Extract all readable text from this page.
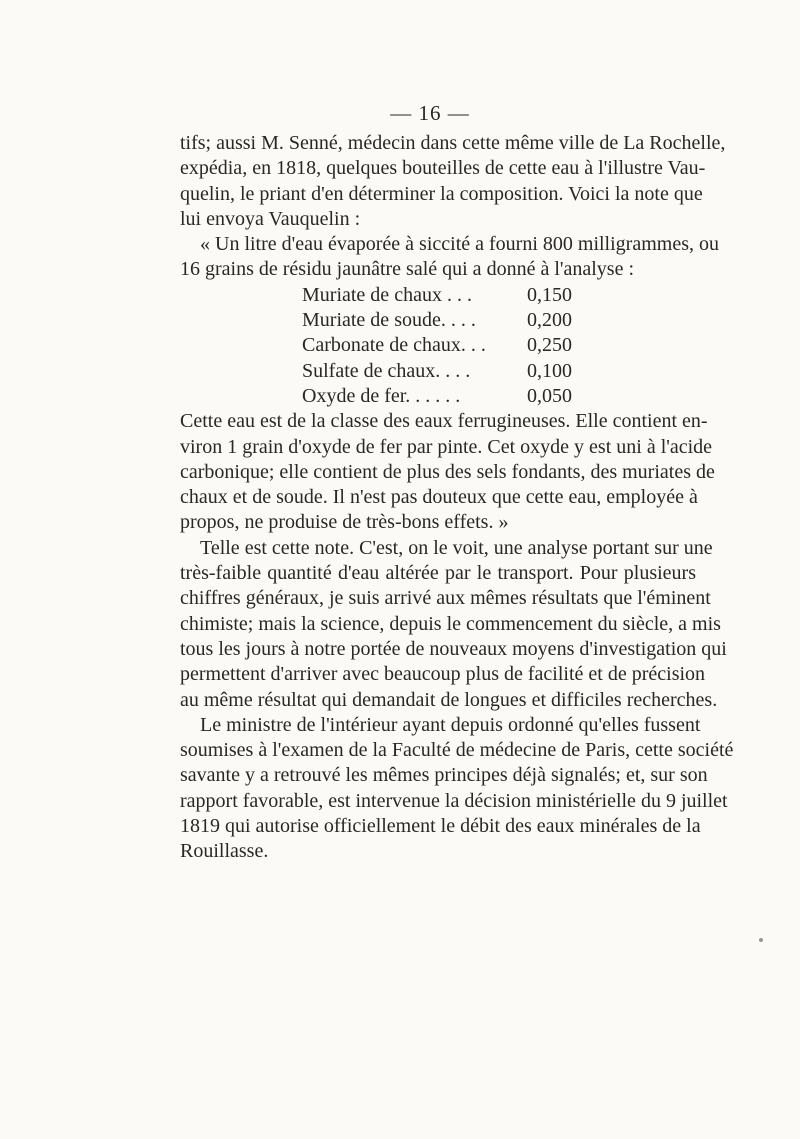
— 16 —
tifs; aussi M. Senné, médecin dans cette même ville de La Rochelle,
expédia, en 1818, quelques bouteilles de cette eau à l'illustre Vau-
quelin, le priant d'en déterminer la composition. Voici la note que
lui envoya Vauquelin :
« Un litre d'eau évaporée à siccité a fourni 800 milligrammes, ou
16 grains de résidu jaunâtre salé qui a donné à l'analyse :
Muriate de chaux . . .	0,150
Muriate de soude. . . .	0,200
Carbonate de chaux. . .	0,250
Sulfate de chaux. . . .	0,100
Oxyde de fer. . . . . .	0,050
Cette eau est de la classe des eaux ferrugineuses. Elle contient en-
viron 1 grain d'oxyde de fer par pinte. Cet oxyde y est uni à l'acide
carbonique; elle contient de plus des sels fondants, des muriates de
chaux et de soude. Il n'est pas douteux que cette eau, employée à
propos, ne produise de très-bons effets. »
Telle est cette note. C'est, on le voit, une analyse portant sur une
très-faible quantité d'eau altérée par le transport. Pour plusieurs
chiffres généraux, je suis arrivé aux mêmes résultats que l'éminent
chimiste; mais la science, depuis le commencement du siècle, a mis
tous les jours à notre portée de nouveaux moyens d'investigation qui
permettent d'arriver avec beaucoup plus de facilité et de précision
au même résultat qui demandait de longues et difficiles recherches.
Le ministre de l'intérieur ayant depuis ordonné qu'elles fussent
soumises à l'examen de la Faculté de médecine de Paris, cette société
savante y a retrouvé les mêmes principes déjà signalés; et, sur son
rapport favorable, est intervenue la décision ministérielle du 9 juillet
1819 qui autorise officiellement le débit des eaux minérales de la
Rouillasse.
